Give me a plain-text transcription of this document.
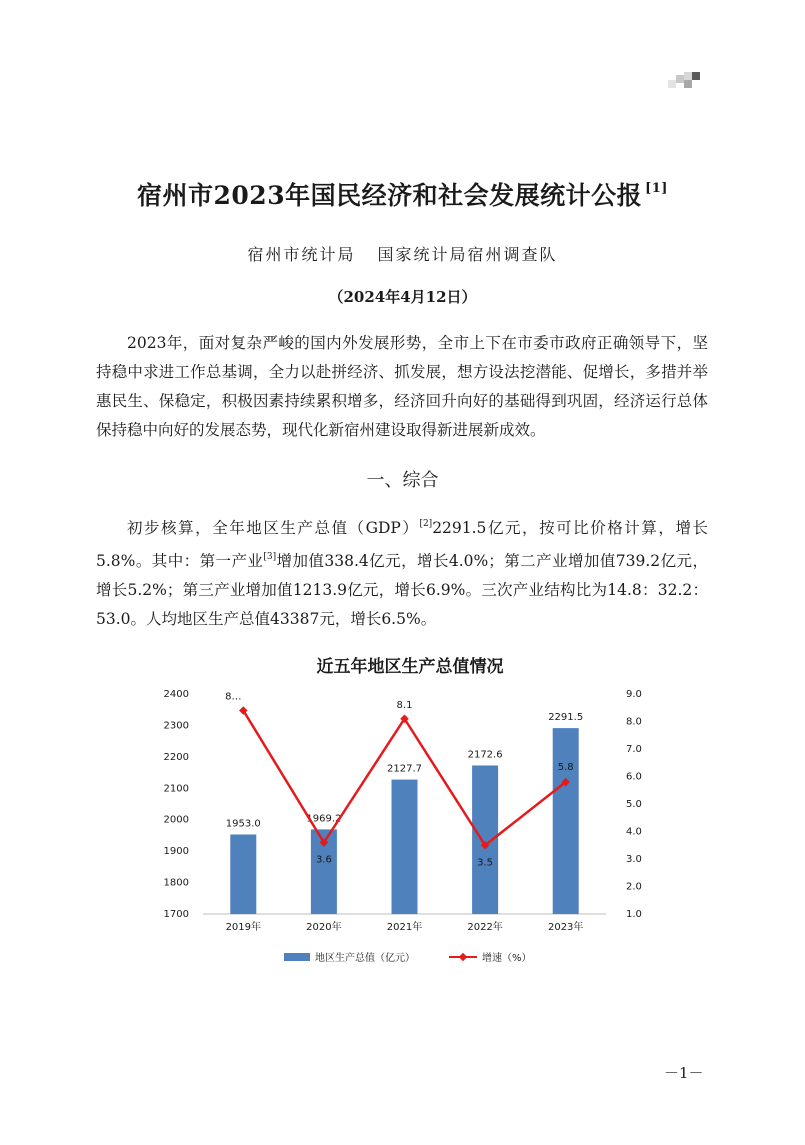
宿州市2023年国民经济和社会发展统计公报 [1]
宿州市统计局 国家统计局宿州调查队
（2024年4月12日）

2023年，面对复杂严峻的国内外发展形势，全市上下在市委市政府正确领导下，坚持稳中求进工作总基调，全力以赴拼经济、抓发展，想方设法挖潜能、促增长，多措并举惠民生、保稳定，积极因素持续累积增多，经济回升向好的基础得到巩固，经济运行总体保持稳中向好的发展态势，现代化新宿州建设取得新进展新成效。

一、综合

初步核算，全年地区生产总值（GDP）[2]2291.5亿元，按可比价格计算，增长5.8%。其中：第一产业[3]增加值338.4亿元，增长4.0%；第二产业增加值739.2亿元，增长5.2%；第三产业增加值1213.9亿元，增长6.9%。三次产业结构比为14.8：32.2：53.0。人均地区生产总值43387元，增长6.5%。

1700
1800
1900
2000
2100
2200
2300
2400
1.0
2.0
3.0
4.0
5.0
6.0
7.0
8.0
9.0
1953.0	1969.2
2127.7
2172.6
2291.5
2019年	2020年	2021年	2022年	2023年
8…
3.6
8.1
3.5
5.8
近五年地区生产总值情况
地区生产总值（亿元）	增速（%）
－1－
